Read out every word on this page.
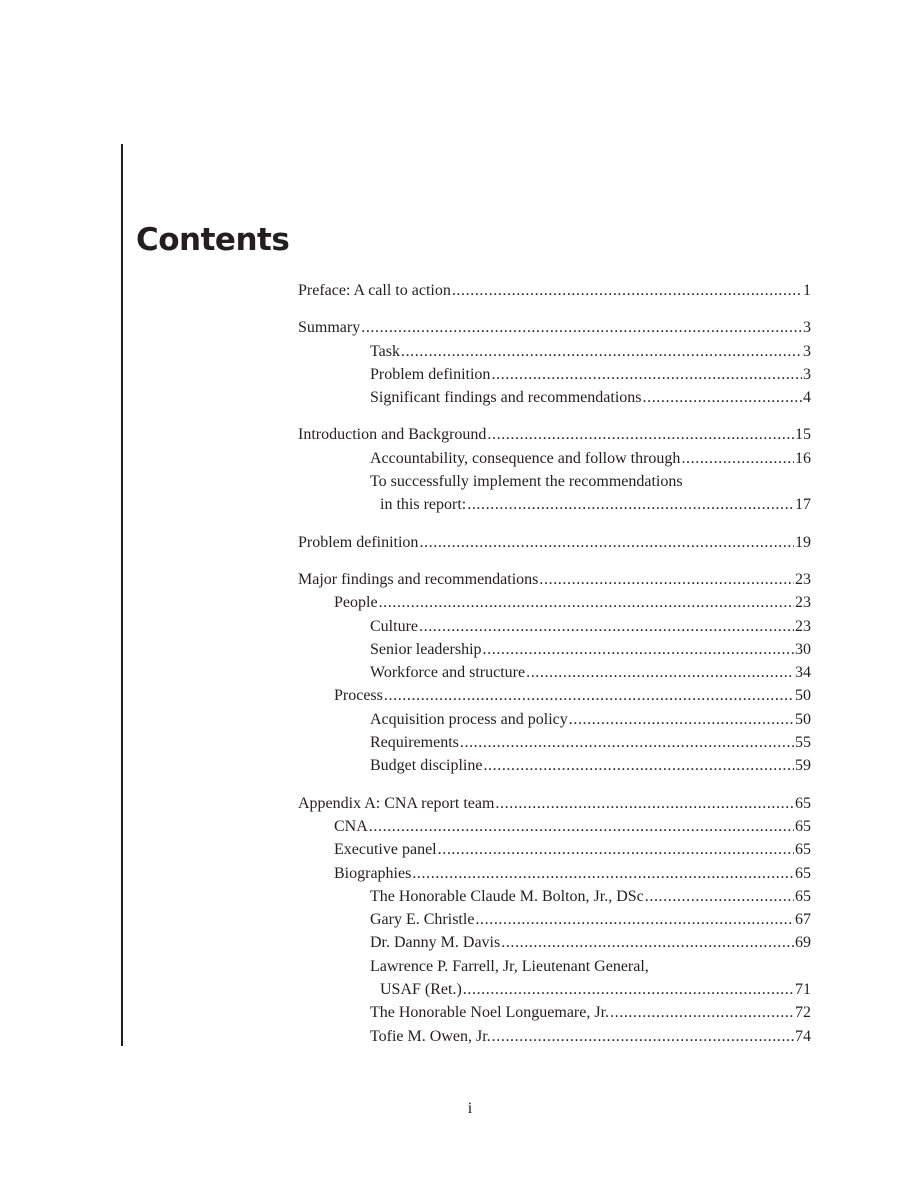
Contents
Preface: A call to action .....	1
Summary .....	3
Task .....	3
Problem definition .....	3
Significant findings and recommendations .....	4
Introduction and Background .....	15
Accountability, consequence and follow through .....	16
To successfully implement the recommendations
in this report: .....	17
Problem definition .....	19
Major findings and recommendations .....	23
People .....	23
Culture .....	23
Senior leadership .....	30
Workforce and structure .....	34
Process .....	50
Acquisition process and policy .....	50
Requirements .....	55
Budget discipline .....	59
Appendix A: CNA report team .....	65
CNA .....	65
Executive panel .....	65
Biographies .....	65
The Honorable Claude M. Bolton, Jr., DSc .....	65
Gary E. Christle .....	67
Dr. Danny M. Davis .....	69
Lawrence P. Farrell, Jr, Lieutenant General,
USAF (Ret.) .....	71
The Honorable Noel Longuemare, Jr. .....	72
Tofie M. Owen, Jr. .....	74
i
